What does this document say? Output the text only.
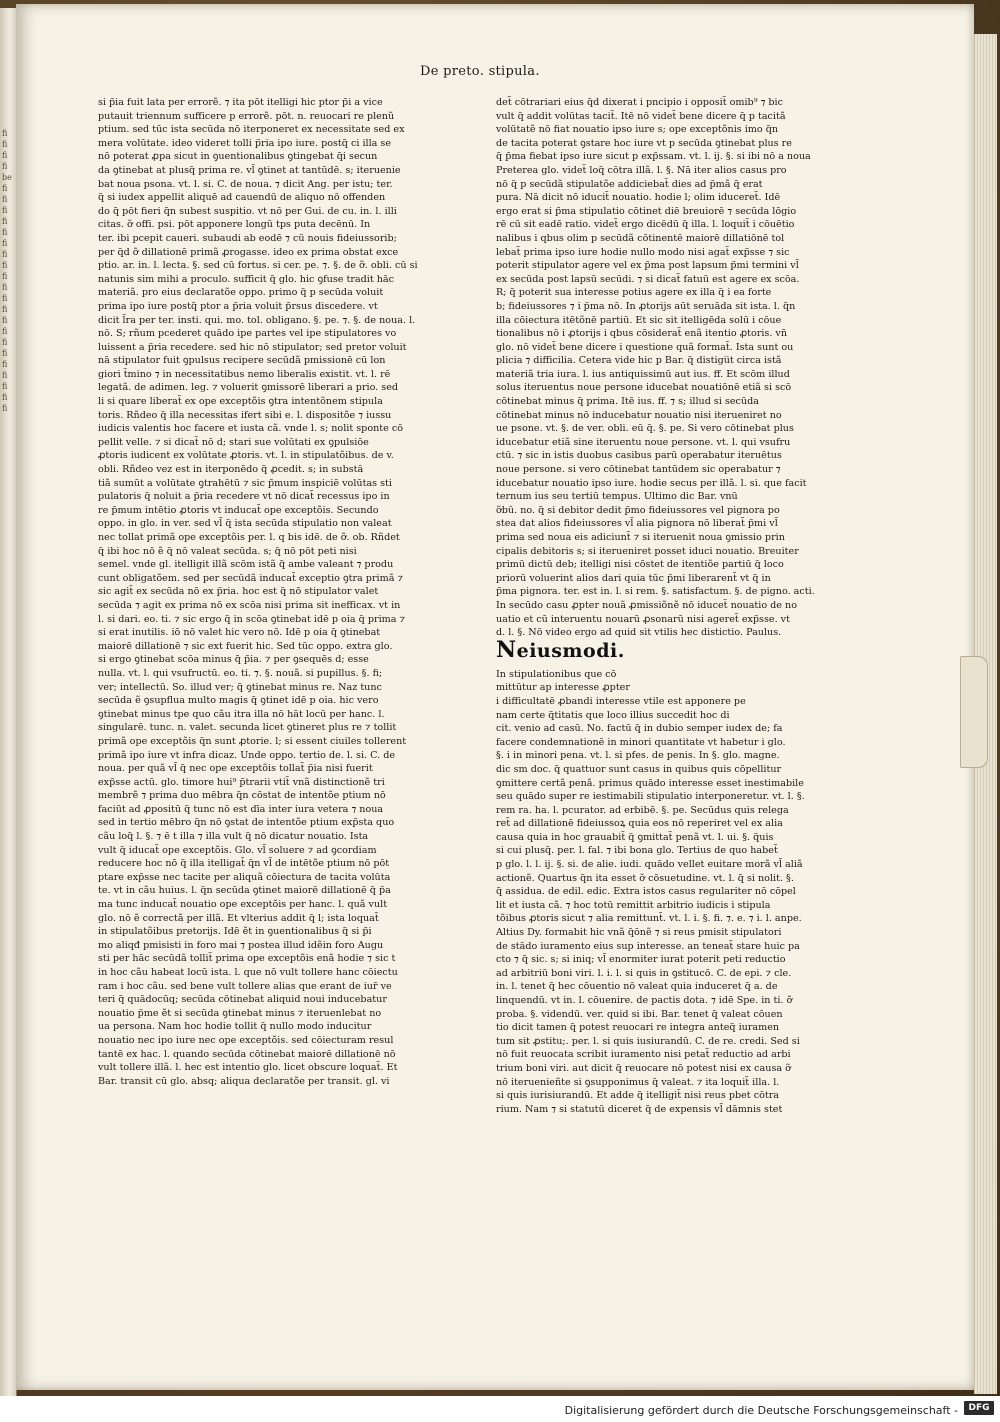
fi
fi
fi
fi
be
fi
fi
fi
fi
fi
fi
fi
fi
fi
fi
fi
fi
fi
fi
fi
fi
fi
fi
fi
fi
fi
De preto. stipula.
si p̃ia fuit lata per errorẽ. ⁊ ita pōt itelligi hic ptor p̃i a vice
putauit triennum sufficere p errorẽ. pōt. n. reuocari re plenũ
ptium. sed tūc ista secūda nō iterponeret ex necessitate sed ex
mera volūtate. ideo videret tolli p̃ria ipo iure. postq̃ ci illa se
nō poterat ꝓpa sicut in ꝯuentionalibus ꝯtingebat q̃i secun
da ꝯtinebat at plusq̃ prima re. vl̃ ꝯtinet at tantūdē. s; iteruenie
bat noua psona. vt. l. si. C. de noua. ⁊ dicit Ang. per istu; ter.
q̃ si iudex appellit aliquē ad cauendū de aliquo nō offenden
do q̃ pōt fieri q̃n subest suspitio. vt nō per Gui. de cu. in. l. illi
citas. ỡ offi. psi. pōt apponere longū tps puta decēnū. In
ter. ibi pcepit caueri. subaudi ab eodē ⁊ cū nouis fideiussorib;
per q̃d ỡ dillationē primã ꝓrogasse. ideo ex prima obstat exce
ptio. ar. in. l. lecta. §. sed cū fortus. si cer. pe. ⁊. §. de ỡ. obli. cū si
natunis sim mihi a proculo. sufficit q̃ glo. hic ꝯfuse tradit hāc
materiã. pro eius declaratõe oppo. primo q̃ p secūda voluit
prima ipo iure postq̃ ptor a p̃ria voluit p̃rsus discedere. vt
dicit l̃ra per ter. insti. qui. mo. tol. obligano. §. pe. ⁊. §. de noua. l.
nō. S; rñum pcederet quādo ipe partes vel ipe stipulatores vo
luissent a p̃ria recedere. sed hic nō stipulator; sed pretor voluit
nā stipulator fuit ꝯpulsus recipere secūdã pmissionē cū lon
giori t̃mino ⁊ in necessitatibus nemo liberalis existit. vt. l. rē
legatã. de adimen. leg. ⁊ voluerit ꝯmissorē liberari a prio. sed
li si quare liberat̃ ex ope exceptõis ꝯtra intentõnem stipula
toris. Rñdeo q̃ illa necessitas ifert sibi e. l. dispositõe ⁊ iussu
iudicis valentis hoc facere et iusta cã. vnde l. s; nolit sponte cō
pellit velle. ⁊ si dicat̃ nō d; stari sue volūtati ex ꝯpulsiōe
ꝓtoris iudicent ex volūtate ꝓtoris. vt. l. in stipulatõibus. de v.
obli. Rñdeo vez est in iterponēdo q̃ ꝓcedit. s; in substā
tiã sumūt a volūtate ꝯtrahētū ⁊ sic p̃mum inspiciē volūtas sti
pulatoris q̃ noluit a p̃ria recedere vt nō dicat̃ recessus ipo in
re p̃mum intētio ꝓtoris vt inducat̃ ope exceptõis. Secundo
oppo. in glo. in ver. sed vl̃ q̃ ista secūda stipulatio non valeat
nec tollat primã ope exceptõis per. l. q bis idē. de ỡ. ob. Rñdet
q̃ ibi hoc nō ẽ q̃ nō valeat secūda. s; q̃ nō pōt peti nisi
semel. vnde gl. itelligit illã scōm istã q̃ ambe valeant ⁊ produ
cunt obligatõem. sed per secūdã inducat̃ exceptio ꝯtra primã ⁊
sic agit̃ ex secūda nō ex p̃ria. hoc est q̃ nō stipulator valet
secūda ⁊ agit ex prima nō ex scōa nisi prima sit inefficax. vt in
l. si dari. eo. ti. ⁊ sic ergo q̃ in scōa ꝯtinebat idē p oia q̃ prima ⁊
si erat inutilis. iō nō valet hic vero nō. Idē p oia q̃ ꝯtinebat
maiorē dillationē ⁊ sic ext fuerit hic. Sed tūc oppo. extra glo.
si ergo ꝯtinebat scōa minus q̃ p̃ia. ⁊ per ꝯsequēs d; esse
nulla. vt. l. qui vsufructū. eo. ti. ⁊. §. nouã. si pupillus. §. fi;
ver; intellectū. So. illud ver; q̃ ꝯtinebat minus re. Naz tunc
secūda ẽ ꝯsupflua multo magis q̃ ꝯtinet idē p oia. hic vero
ꝯtinebat minus tpe quo cãu itra illa nō hāt locū per hanc. l.
singularē. tunc. n. valet. secunda licet ꝯtineret plus re ⁊ tollit
primã ope exceptõis q̃n sunt ꝓtorie. l; si essent ciuiles tollerent
primã ipo iure vt infra dicaz. Unde oppo. tertio de. l. si. C. de
noua. per quã vl̃ q̃ nec ope exceptõis tollat̃ p̃ia nisi fuerit
exp̃sse actū. glo. timore hui⁹ p̃trarii vtit̃ vnã distinctionẽ tri
membrẽ ⁊ prima duo mēbra q̃n cōstat de intentõe ptium nō
faciūt ad ꝓpositū q̃ tunc nō est dīa inter iura vetera ⁊ noua
sed in tertio mēbro q̃n nō ꝯstat de intentõe ptium exp̃sta quo
cãu loq̃ l. §. ⁊ ē t illa ⁊ illa vult q̃ nō dicatur nouatio. Ista
vult q̃ iducat̃ ope exceptõis. Glo. vl̃ soluere ⁊ ad ꝯcordiam
reducere hoc nō q̃ illa itelligat̃ q̃n vl̃ de intētõe ptium nō pōt
ptare exp̃sse nec tacite per aliquã cōiectura de tacita volūta
te. vt in cãu huius. l. q̃n secūda ꝯtinet maiorē dillationē q̃ p̃a
ma tunc inducat̃ nouatio ope exceptõis per hanc. l. quã vult
glo. nō ẽ correctã per illã. Et vlterius addit q̃ l; ista loquat̃
in stipulatõibus pretorijs. Idē ẽt in ꝯuentionalibus q̃ si p̃i
mo aliqđ pmisisti in foro mai ⁊ postea illud idẽin foro Augu
sti per hāc secūdã tollit̃ prima ope exceptõis enã hodie ⁊ sic t
in hoc cãu habeat locū ista. l. que nō vult tollere hanc cōiectu
ram i hoc cãu. sed bene vult tollere alias que erant de iur̃ ve
teri q̃ quādocūq; secūda cōtinebat aliquid noui inducebatur
nouatio p̃me ẽt si secūda ꝯtinebat minus ⁊ iteruenlebat no
ua persona. Nam hoc hodie tollit q̃ nullo modo inducitur
nouatio nec ipo iure nec ope exceptõis. sed cōiecturam resul
tantē ex hac. l. quando secūda cōtinebat maiorē dillationē nō
vult tollere illã. l. hec est intentio glo. licet obscure loquat̃. Et
Bar. transit cū glo. absq; aliqua declaratõe per transit. gl. vi
det̃ cōtrariari eius q̃d dixerat i pncipio i opposit̃ omib⁹ ⁊ bic
vult q̃ addit volūtas tacit̃. Itē nō videt̃ bene dicere q̃ p tacitã
volūtatẽ nō fiat nouatio ipso iure s; ope exceptõnis imo q̃n
de tacita poterat ꝯstare hoc iure vt p secūda ꝯtinebat plus re
q̃ p̃ma fiebat ipso iure sicut p exp̃ssam. vt. l. ij. §. si ibi nō a noua
Preterea glo. videt̃ loq̃ cōtra illã. l. §. Nā iter alios casus pro
nō q̃ p secūdã stipulatõe addiciebat̃ dies ad p̃mã q̃ erat
pura. Nā dicit nō iducit̃ nouatio. hodie l; olim iduceret̃. Idē
ergo erat si p̃ma stipulatio cōtinet diē breuiorē ⁊ secūda lōgio
rē cū sit eadē ratio. videt̃ ergo dicēdū q̃ illa. l. loquit̃ i cōuētio
nalibus i qbus olim p secūdã cōtinentē maiorē dillatiōnē tol
lebat̃ prima ipso iure hodie nullo modo nisi agat̃ exp̃sse ⁊ sic
poterit stipulator agere vel ex p̃ma post lapsum p̃mi termini vl̃
ex secūda post lapsū secūdi. ⁊ si dicat̃ fatuū est agere ex scōa.
R; q̃ poterit sua interesse potius agere ex illa q̃ i ea forte
b; fideiussores ⁊ i p̃ma nō. In ꝓtorijs aūt seruāda sit ista. l. q̃n
illa cōiectura itētõnē partiū. Et sic sit itelligēda solū i cōue
tionalibus nō i ꝓtorijs i qbus cōsiderat̃ enã itentio ꝓtoris. vn̄
glo. nō videt̃ bene dicere i questione quã format̃. Ista sunt ou
plicia ⁊ difficilia. Cetera vide hic p Bar. q̃ distigu̅t circa istã
materiã tria iura. l. ius antiquissimū aut ius. ff. Et scōm illud
solus iteruentus noue persone iducebat nouatiōnē etiã si scō
cōtinebat minus q̃ prima. Itē ius. ff. ⁊ s; illud si secūda
cōtinebat minus nō inducebatur nouatio nisi iterueniret no
ue psone. vt. §. de ver. obli. eū q̃. §. pe. Si vero cōtinebat plus
iducebatur etiã sine iteruentu noue persone. vt. l. qui vsufru
ctū. ⁊ sic in istis duobus casibus parū operabatur iteruētus
noue persone. si vero cōtinebat tantūdem sic operabatur ⁊
iducebatur nouatio ipso iure. hodie secus per illã. l. si. que facit
ternum ius seu tertiū tempus. Ultimo dic Bar. vnū
ỡbū. no. q̃ si debitor dedit p̃mo fideiussores vel pignora po
stea dat alios fideiussores vl̃ alia pignora nō liberat̃ p̃mi vl̃
prima sed noua eis adiciunt̃ ⁊ si iteruenit noua ꝯmissio prin
cipalis debitoris s; si iterueniret posset iduci nouatio. Breuiter
primū dictū deb; itelligi nisi cōstet de itentiõe partiū q̃ loco
priorū voluerint alios dari quia tūc p̃mi liberarent̃ vt q̃ in
p̃ma pignora. ter. est in. l. si rem. §. satisfactum. §. de pigno. acti.
In secūdo casu ꝓpter nouã ꝓmissiõnẽ nō iducet̃ nouatio de no
uatio et cū interuentu nouarū ꝓsonarū nisi ageret̃ exp̃sse. vt
d. l. §. Nō video ergo ad quid sit vtilis hec distictio. Paulus.
Neiusmodi.
In stipulationibus que cō
mittūtur ap interesse ꝓpter
i difficultatē ꝓbandi interesse vtile est apponere pe
nam certe q̃titatis que loco illius succedit hoc di
cit. venio ad casū. No. factū q̃ in dubio semper iudex de; fa
facere condemnationē in minori quantitate vt habetur i glo.
§. i in minori pena. vt. l. si pfes. de penis. In §. glo. magne.
dic sm doc. q̃ quattuor sunt casus in quibus quis cōpellitur
ꝯmittere certã penã. primus quādo interesse esset inestimabile
seu quādo super re iestimabili stipulatio interponeretur. vt. l. §.
rem ra. ha. l. pcurator. ad erbibē. §. pe. Secūdus quis relega
ret̃ ad dillationē fideiussoꝝ quia eos nō reperiret vel ex alia
causa quia in hoc grauabit̃ q̃ ꝯmittat̃ penã vt. l. ui. §. q̃uis
si cui plusq̃. per. l. fal. ⁊ ibi bona glo. Tertius de quo habet̃
p glo. l. l. ij. §. si. de alie. iudi. quādo vellet euitare morã vl̃ aliã
actionẽ. Quartus q̃n ita esset ỡ cōsuetudine. vt. l. q̃ si nolit. §.
q̃ assidua. de edil. edic. Extra istos casus regulariter nō cōpel
lit et iusta cã. ⁊ hoc totū remittit arbitrio iudicis i stipula
tõibus ꝓtoris sicut ⁊ alia remittunt̃. vt. l. i. §. fi. ⁊. e. ⁊ i. l. anpe.
Altius Dy. formabit hic vnã q̃ōnẽ ⁊ si reus pmisit stipulatori
de stādo iuramento eius sup interesse. an teneat̃ stare huic pa
cto ⁊ q̃ sic. s; si iniq; vl̃ enormiter iurat poterit peti reductio
ad arbitriū boni viri. l. i. l. si quis in ꝯstitucō. C. de epi. ⁊ cle.
in. l. tenet q̃ hec cōuentio nō valeat quia induceret q̃ a. de
linquendū. vt in. l. cōuenire. de pactis dota. ⁊ idē Spe. in ti. ỡ
proba. §. videndū. ver. quid si ibi. Bar. tenet q̃ valeat cōuen
tio dicit tamen q̃ potest reuocari re integra anteq̃ iuramen
tum sit ꝓstitu;. per. l. si quis iusiurandū. C. de re. credi. Sed si
nō fuit reuocata scribit iuramento nisi petat̃ reductio ad arbi
trium boni viri. aut dicit q̃ reuocare nō potest nisi ex causa ỡ
nō iteruenieñte si ꝯsupponimus q̃ valeat. ⁊ ita loquit̃ illa. l.
si quis iurisiurandū. Et adde q̃ itelligit̃ nisi reus pbet cōtra
rium. Nam ⁊ si statutū diceret q̃ de expensis vl̃ dāmnis stet
Digitalisierung gefördert durch die Deutsche Forschungsgemeinschaft -	DFG
